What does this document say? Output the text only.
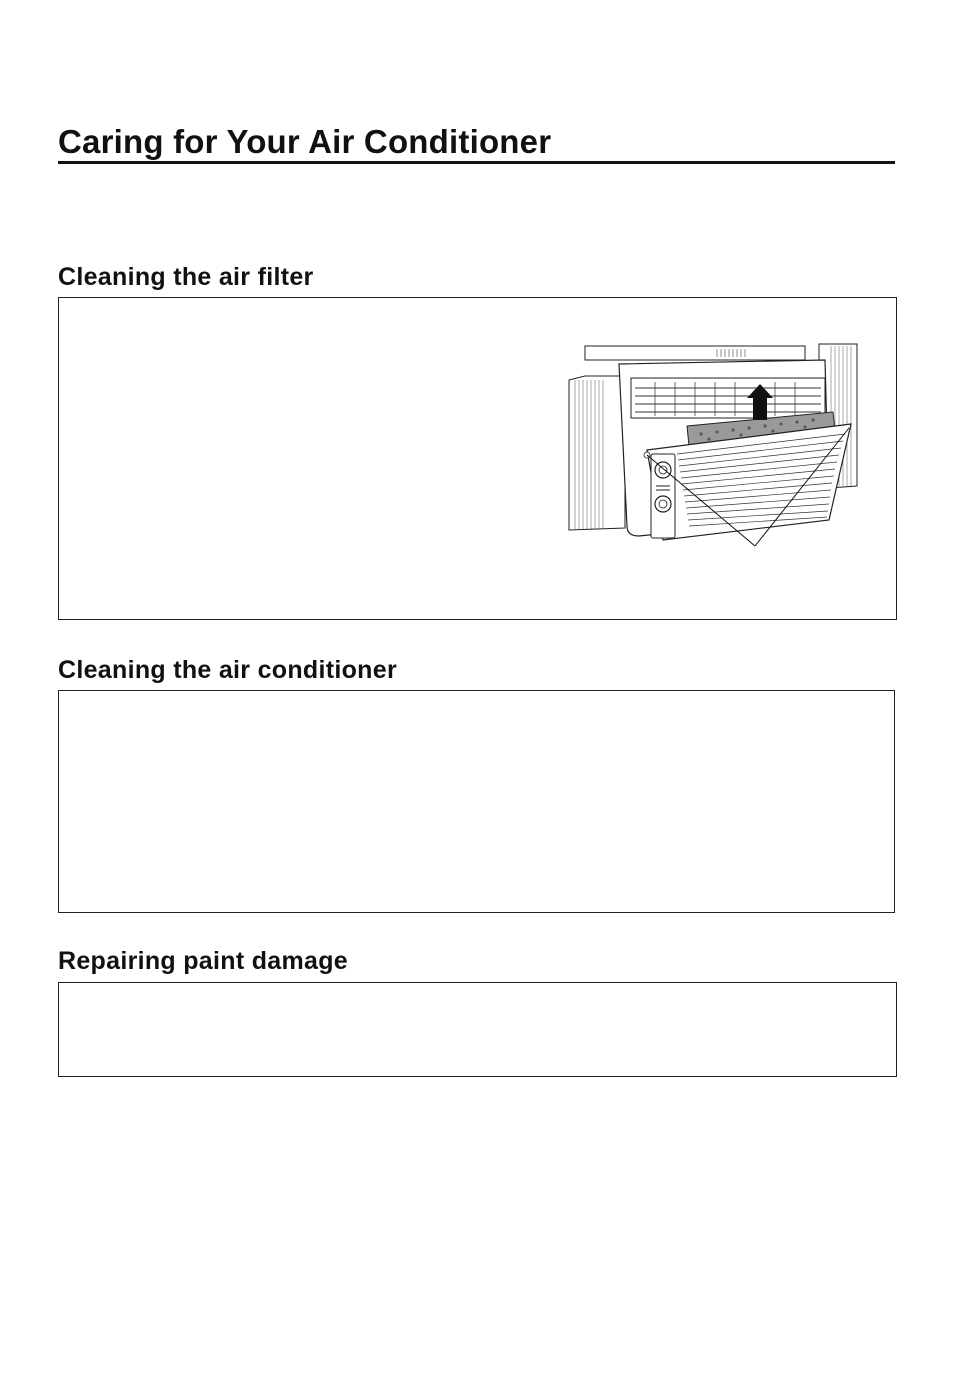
Caring for Your Air Conditioner
Cleaning the air filter
Cleaning the air conditioner
Repairing paint damage
